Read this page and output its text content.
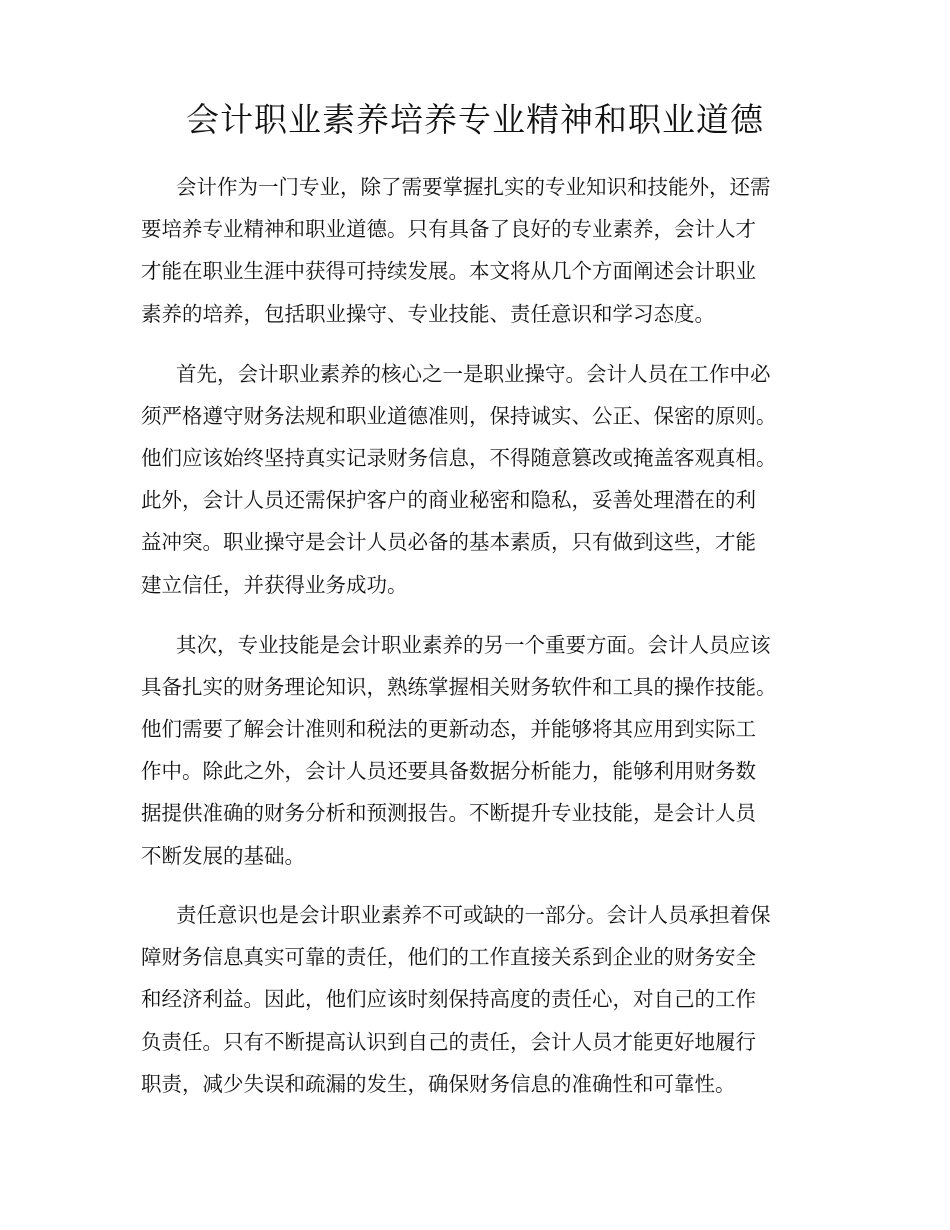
会计职业素养培养专业精神和职业道德

会计作为一门专业，除了需要掌握扎实的专业知识和技能外，还需

要培养专业精神和职业道德。只有具备了良好的专业素养，会计人才

才能在职业生涯中获得可持续发展。本文将从几个方面阐述会计职业

素养的培养，包括职业操守、专业技能、责任意识和学习态度。

首先，会计职业素养的核心之一是职业操守。会计人员在工作中必

须严格遵守财务法规和职业道德准则，保持诚实、公正、保密的原则。

他们应该始终坚持真实记录财务信息，不得随意篡改或掩盖客观真相。

此外，会计人员还需保护客户的商业秘密和隐私，妥善处理潜在的利

益冲突。职业操守是会计人员必备的基本素质，只有做到这些，才能

建立信任，并获得业务成功。

其次，专业技能是会计职业素养的另一个重要方面。会计人员应该

具备扎实的财务理论知识，熟练掌握相关财务软件和工具的操作技能。

他们需要了解会计准则和税法的更新动态，并能够将其应用到实际工

作中。除此之外，会计人员还要具备数据分析能力，能够利用财务数

据提供准确的财务分析和预测报告。不断提升专业技能，是会计人员

不断发展的基础。

责任意识也是会计职业素养不可或缺的一部分。会计人员承担着保

障财务信息真实可靠的责任，他们的工作直接关系到企业的财务安全

和经济利益。因此，他们应该时刻保持高度的责任心，对自己的工作

负责任。只有不断提高认识到自己的责任，会计人员才能更好地履行

职责，减少失误和疏漏的发生，确保财务信息的准确性和可靠性。
